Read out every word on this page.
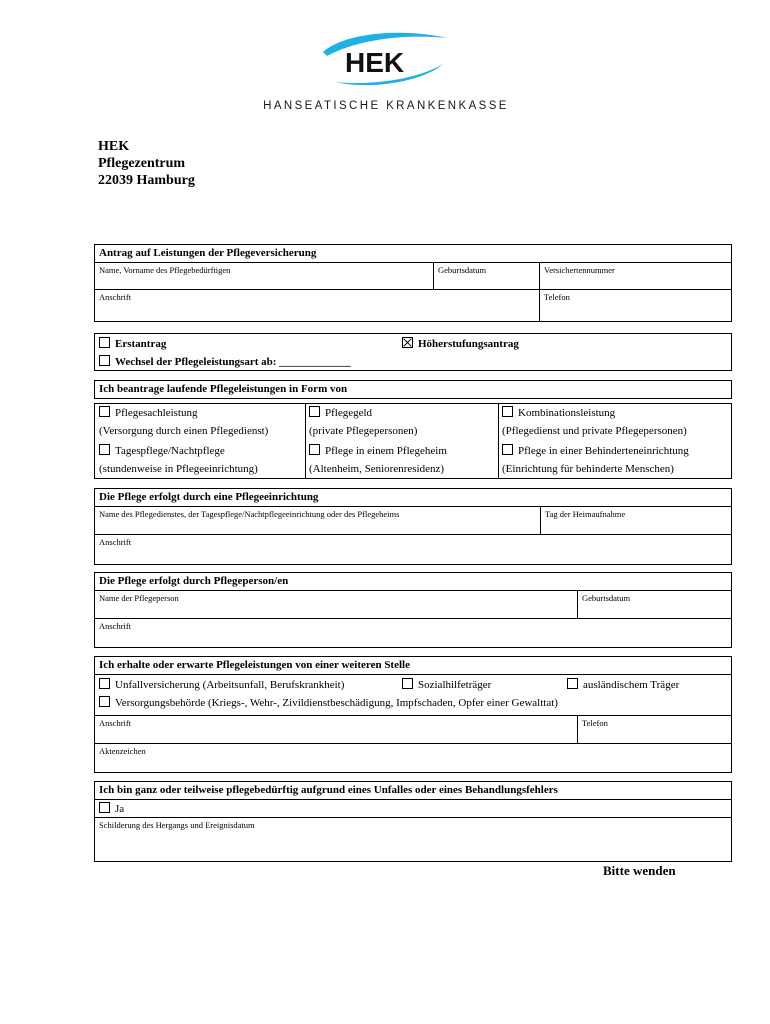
HEK
HANSEATISCHE KRANKENKASSE
HEK
Pflegezentrum
22039 Hamburg
Antrag auf Leistungen der Pflegeversicherung
Name, Vorname des Pflegebedürftigen	Geburtsdatum	Versichertennummer
Anschrift	Telefon
Erstantrag	Höherstufungsantrag
Wechsel der Pflegeleistungsart ab: _____________
Ich beantrage laufende Pflegeleistungen in Form von
Pflegesachleistung	Pflegegeld	Kombinationsleistung
(Versorgung durch einen Pflegedienst)	(private Pflegepersonen)	(Pflegedienst und private Pflegepersonen)
Tagespflege/Nachtpflege	Pflege in einem Pflegeheim	Pflege in einer Behinderteneinrichtung
(stundenweise in Pflegeeinrichtung)	(Altenheim, Seniorenresidenz)	(Einrichtung für behinderte Menschen)
Die Pflege erfolgt durch eine Pflegeeinrichtung
Name des Pflegedienstes, der Tagespflege/Nachtpflegeeinrichtung oder des Pflegeheims	Tag der Heimaufnahme
Anschrift
Die Pflege erfolgt durch Pflegeperson/en
Name der Pflegeperson	Geburtsdatum
Anschrift
Ich erhalte oder erwarte Pflegeleistungen von einer weiteren Stelle
Unfallversicherung (Arbeitsunfall, Berufskrankheit)	Sozialhilfeträger	ausländischem Träger
Versorgungsbehörde (Kriegs-, Wehr-, Zivildienstbeschädigung, Impfschaden, Opfer einer Gewalttat)
Anschrift	Telefon
Aktenzeichen
Ich bin ganz oder teilweise pflegebedürftig aufgrund eines Unfalles oder eines Behandlungsfehlers
Ja
Schilderung des Hergangs und Ereignisdatum
Bitte wenden
